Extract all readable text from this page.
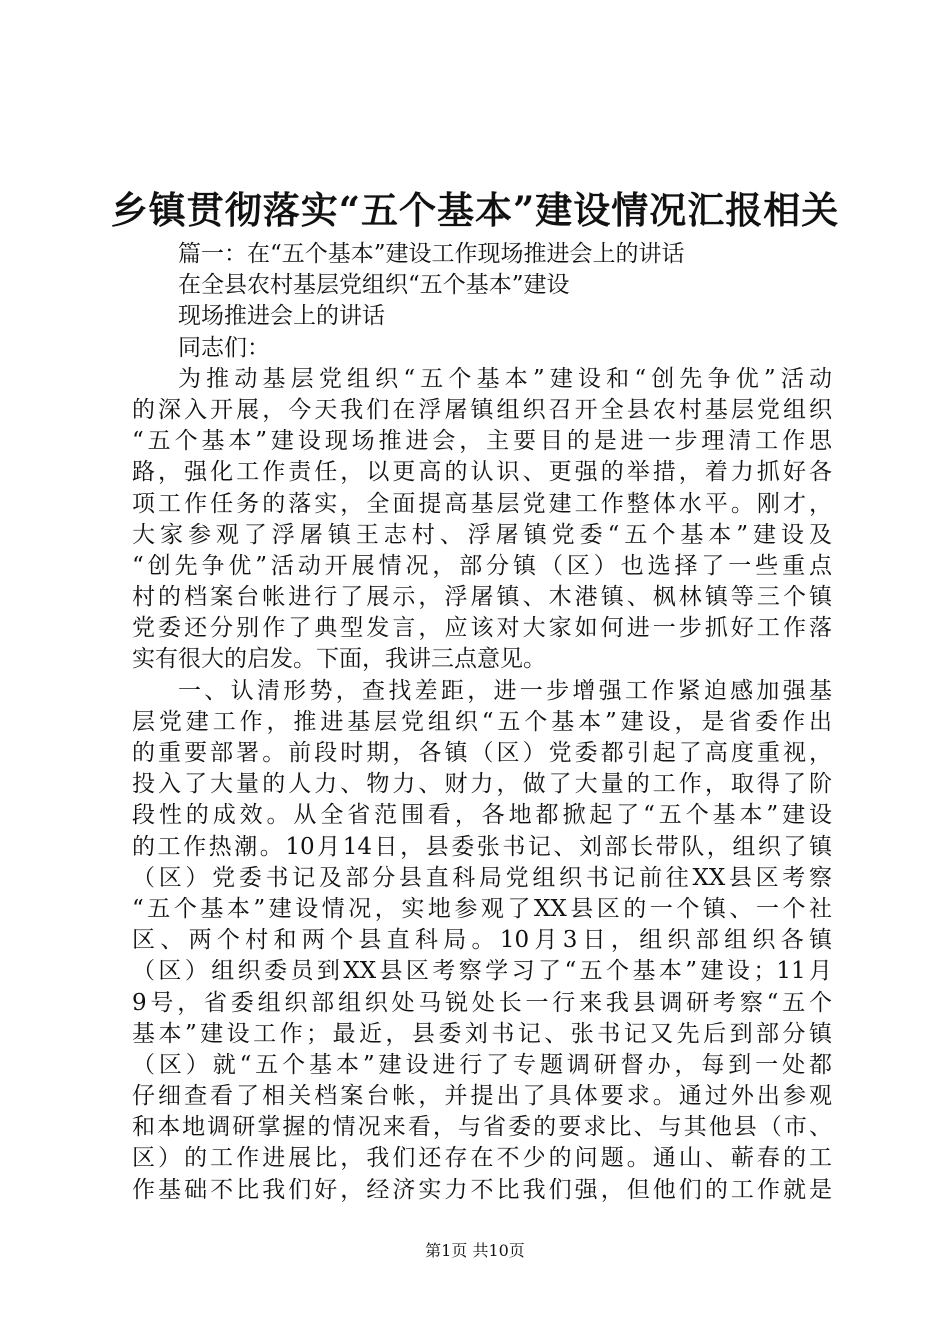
乡镇贯彻落实“五个基本”建设情况汇报相关
篇一：在“五个基本”建设工作现场推进会上的讲话
在全县农村基层党组织“五个基本”建设
现场推进会上的讲话
同志们：
为推动基层党组织“五个基本”建设和“创先争优”活动
的深入开展，今天我们在浮屠镇组织召开全县农村基层党组织
“五个基本”建设现场推进会，主要目的是进一步理清工作思
路，强化工作责任，以更高的认识、更强的举措，着力抓好各
项工作任务的落实，全面提高基层党建工作整体水平。刚才，
大家参观了浮屠镇王志村、浮屠镇党委“五个基本”建设及
“创先争优”活动开展情况，部分镇（区）也选择了一些重点
村的档案台帐进行了展示，浮屠镇、木港镇、枫林镇等三个镇
党委还分别作了典型发言，应该对大家如何进一步抓好工作落
实有很大的启发。下面，我讲三点意见。
一、认清形势，查找差距，进一步增强工作紧迫感加强基
层党建工作，推进基层党组织“五个基本”建设，是省委作出
的重要部署。前段时期，各镇（区）党委都引起了高度重视，
投入了大量的人力、物力、财力，做了大量的工作，取得了阶
段性的成效。从全省范围看，各地都掀起了“五个基本”建设
的工作热潮。10月14日，县委张书记、刘部长带队，组织了镇
（区）党委书记及部分县直科局党组织书记前往XX县区考察
“五个基本”建设情况，实地参观了XX县区的一个镇、一个社
区、两个村和两个县直科局。10月3日，组织部组织各镇
（区）组织委员到XX县区考察学习了“五个基本”建设；11月
9号，省委组织部组织处马锐处长一行来我县调研考察“五个
基本”建设工作；最近，县委刘书记、张书记又先后到部分镇
（区）就“五个基本”建设进行了专题调研督办，每到一处都
仔细查看了相关档案台帐，并提出了具体要求。通过外出参观
和本地调研掌握的情况来看，与省委的要求比、与其他县（市、
区）的工作进展比，我们还存在不少的问题。通山、蕲春的工
作基础不比我们好，经济实力不比我们强，但他们的工作就是
第1页 共10页
